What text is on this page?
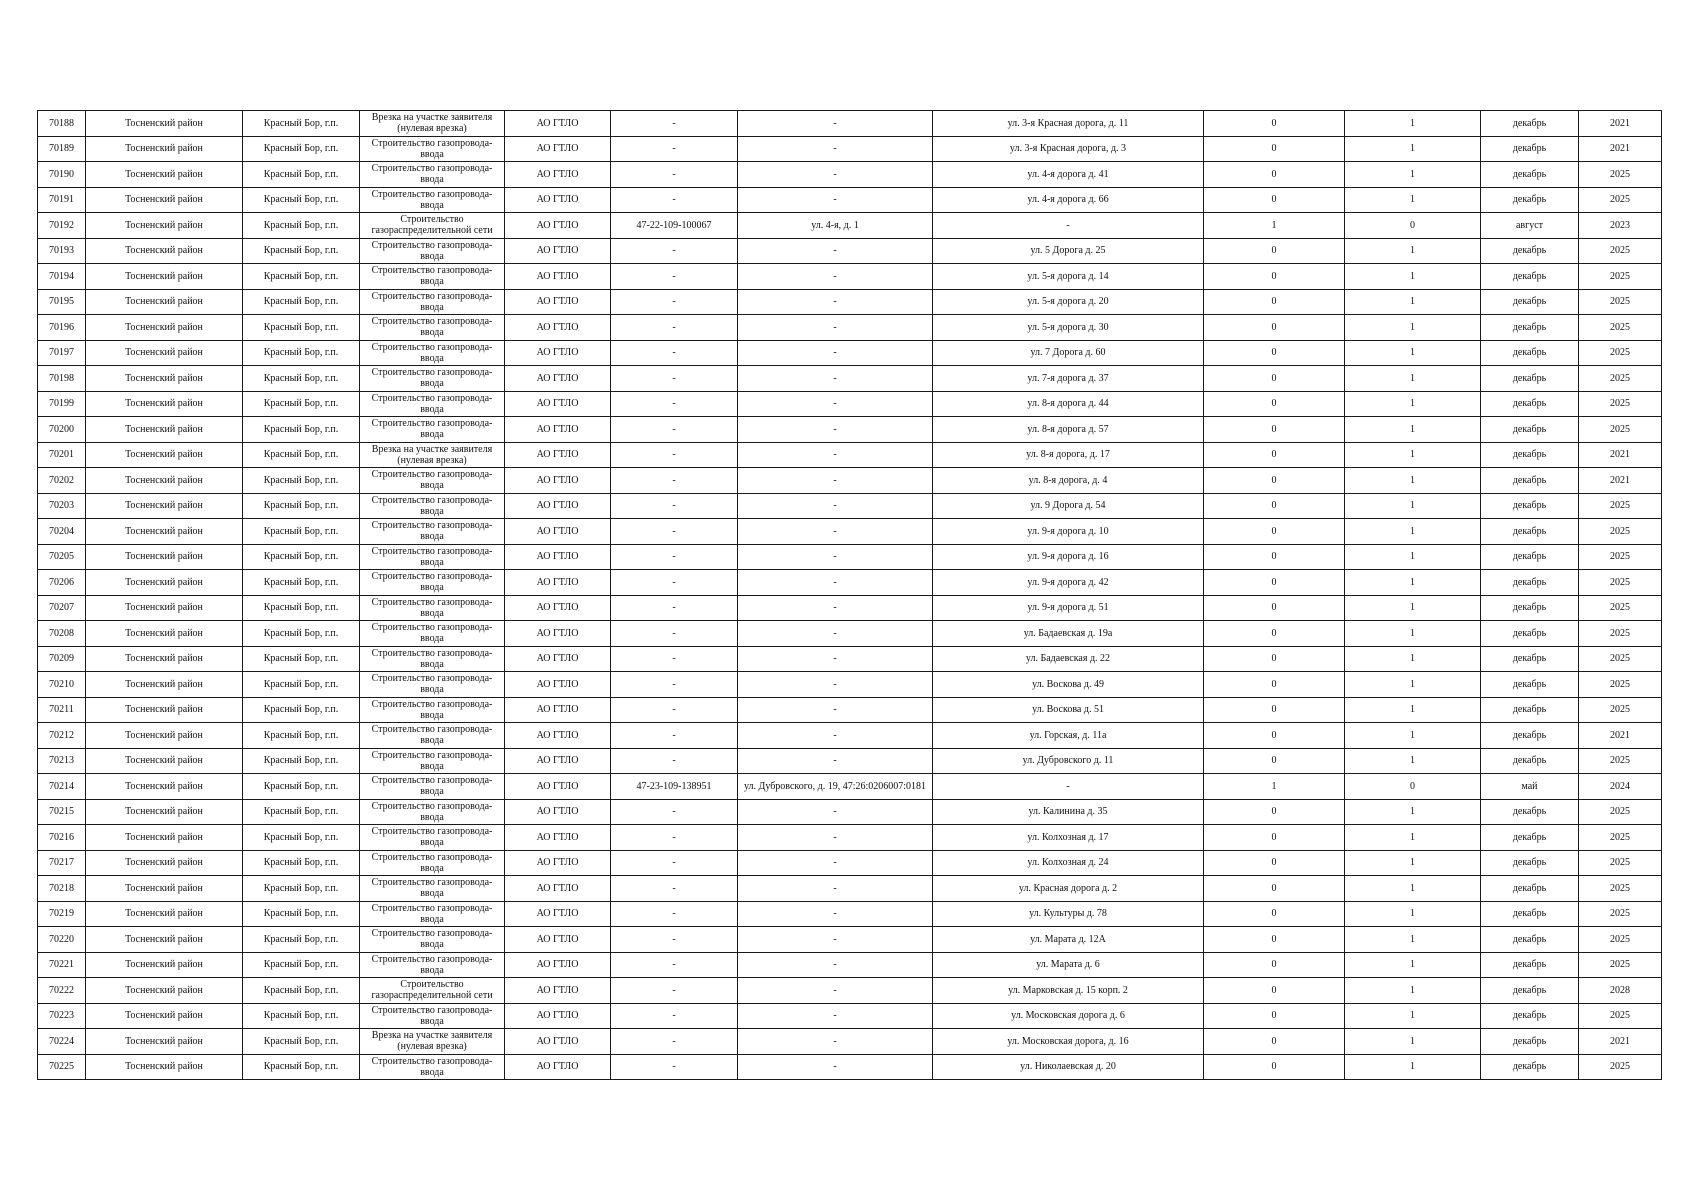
70188	Тосненский район	Красный Бор, г.п.	Врезка на участке заявителя (нулевая врезка)	АО ГТЛО	-	-	ул. 3-я Красная дорога, д. 11	0	1	декабрь	2021
70189	Тосненский район	Красный Бор, г.п.	Строительство газопровода-ввода	АО ГТЛО	-	-	ул. 3-я Красная дорога, д. 3	0	1	декабрь	2021
70190	Тосненский район	Красный Бор, г.п.	Строительство газопровода-ввода	АО ГТЛО	-	-	ул. 4-я дорога д. 41	0	1	декабрь	2025
70191	Тосненский район	Красный Бор, г.п.	Строительство газопровода-ввода	АО ГТЛО	-	-	ул. 4-я дорога д. 66	0	1	декабрь	2025
70192	Тосненский район	Красный Бор, г.п.	Строительство газораспределительной сети	АО ГТЛО	47-22-109-100067	ул. 4-я, д. 1	-	1	0	август	2023
70193	Тосненский район	Красный Бор, г.п.	Строительство газопровода-ввода	АО ГТЛО	-	-	ул. 5 Дорога д. 25	0	1	декабрь	2025
70194	Тосненский район	Красный Бор, г.п.	Строительство газопровода-ввода	АО ГТЛО	-	-	ул. 5-я дорога д. 14	0	1	декабрь	2025
70195	Тосненский район	Красный Бор, г.п.	Строительство газопровода-ввода	АО ГТЛО	-	-	ул. 5-я дорога д. 20	0	1	декабрь	2025
70196	Тосненский район	Красный Бор, г.п.	Строительство газопровода-ввода	АО ГТЛО	-	-	ул. 5-я дорога д. 30	0	1	декабрь	2025
70197	Тосненский район	Красный Бор, г.п.	Строительство газопровода-ввода	АО ГТЛО	-	-	ул. 7 Дорога д. 60	0	1	декабрь	2025
70198	Тосненский район	Красный Бор, г.п.	Строительство газопровода-ввода	АО ГТЛО	-	-	ул. 7-я дорога д. 37	0	1	декабрь	2025
70199	Тосненский район	Красный Бор, г.п.	Строительство газопровода-ввода	АО ГТЛО	-	-	ул. 8-я дорога д. 44	0	1	декабрь	2025
70200	Тосненский район	Красный Бор, г.п.	Строительство газопровода-ввода	АО ГТЛО	-	-	ул. 8-я дорога д. 57	0	1	декабрь	2025
70201	Тосненский район	Красный Бор, г.п.	Врезка на участке заявителя (нулевая врезка)	АО ГТЛО	-	-	ул. 8-я дорога, д. 17	0	1	декабрь	2021
70202	Тосненский район	Красный Бор, г.п.	Строительство газопровода-ввода	АО ГТЛО	-	-	ул. 8-я дорога, д. 4	0	1	декабрь	2021
70203	Тосненский район	Красный Бор, г.п.	Строительство газопровода-ввода	АО ГТЛО	-	-	ул. 9 Дорога д. 54	0	1	декабрь	2025
70204	Тосненский район	Красный Бор, г.п.	Строительство газопровода-ввода	АО ГТЛО	-	-	ул. 9-я дорога д. 10	0	1	декабрь	2025
70205	Тосненский район	Красный Бор, г.п.	Строительство газопровода-ввода	АО ГТЛО	-	-	ул. 9-я дорога д. 16	0	1	декабрь	2025
70206	Тосненский район	Красный Бор, г.п.	Строительство газопровода-ввода	АО ГТЛО	-	-	ул. 9-я дорога д. 42	0	1	декабрь	2025
70207	Тосненский район	Красный Бор, г.п.	Строительство газопровода-ввода	АО ГТЛО	-	-	ул. 9-я дорога д. 51	0	1	декабрь	2025
70208	Тосненский район	Красный Бор, г.п.	Строительство газопровода-ввода	АО ГТЛО	-	-	ул. Бадаевская д. 19а	0	1	декабрь	2025
70209	Тосненский район	Красный Бор, г.п.	Строительство газопровода-ввода	АО ГТЛО	-	-	ул. Бадаевская д. 22	0	1	декабрь	2025
70210	Тосненский район	Красный Бор, г.п.	Строительство газопровода-ввода	АО ГТЛО	-	-	ул. Воскова д. 49	0	1	декабрь	2025
70211	Тосненский район	Красный Бор, г.п.	Строительство газопровода-ввода	АО ГТЛО	-	-	ул. Воскова д. 51	0	1	декабрь	2025
70212	Тосненский район	Красный Бор, г.п.	Строительство газопровода-ввода	АО ГТЛО	-	-	ул. Горская, д. 11а	0	1	декабрь	2021
70213	Тосненский район	Красный Бор, г.п.	Строительство газопровода-ввода	АО ГТЛО	-	-	ул. Дубровского д. 11	0	1	декабрь	2025
70214	Тосненский район	Красный Бор, г.п.	Строительство газопровода-ввода	АО ГТЛО	47-23-109-138951	ул. Дубровского, д. 19, 47:26:0206007:0181	-	1	0	май	2024
70215	Тосненский район	Красный Бор, г.п.	Строительство газопровода-ввода	АО ГТЛО	-	-	ул. Калинина д. 35	0	1	декабрь	2025
70216	Тосненский район	Красный Бор, г.п.	Строительство газопровода-ввода	АО ГТЛО	-	-	ул. Колхозная д. 17	0	1	декабрь	2025
70217	Тосненский район	Красный Бор, г.п.	Строительство газопровода-ввода	АО ГТЛО	-	-	ул. Колхозная д. 24	0	1	декабрь	2025
70218	Тосненский район	Красный Бор, г.п.	Строительство газопровода-ввода	АО ГТЛО	-	-	ул. Красная дорога д. 2	0	1	декабрь	2025
70219	Тосненский район	Красный Бор, г.п.	Строительство газопровода-ввода	АО ГТЛО	-	-	ул. Культуры д. 78	0	1	декабрь	2025
70220	Тосненский район	Красный Бор, г.п.	Строительство газопровода-ввода	АО ГТЛО	-	-	ул. Марата д. 12А	0	1	декабрь	2025
70221	Тосненский район	Красный Бор, г.п.	Строительство газопровода-ввода	АО ГТЛО	-	-	ул. Марата д. 6	0	1	декабрь	2025
70222	Тосненский район	Красный Бор, г.п.	Строительство газораспределительной сети	АО ГТЛО	-	-	ул. Марковская д. 15 корп. 2	0	1	декабрь	2028
70223	Тосненский район	Красный Бор, г.п.	Строительство газопровода-ввода	АО ГТЛО	-	-	ул. Московская дорога д. 6	0	1	декабрь	2025
70224	Тосненский район	Красный Бор, г.п.	Врезка на участке заявителя (нулевая врезка)	АО ГТЛО	-	-	ул. Московская дорога, д. 16	0	1	декабрь	2021
70225	Тосненский район	Красный Бор, г.п.	Строительство газопровода-ввода	АО ГТЛО	-	-	ул. Николаевская д. 20	0	1	декабрь	2025
